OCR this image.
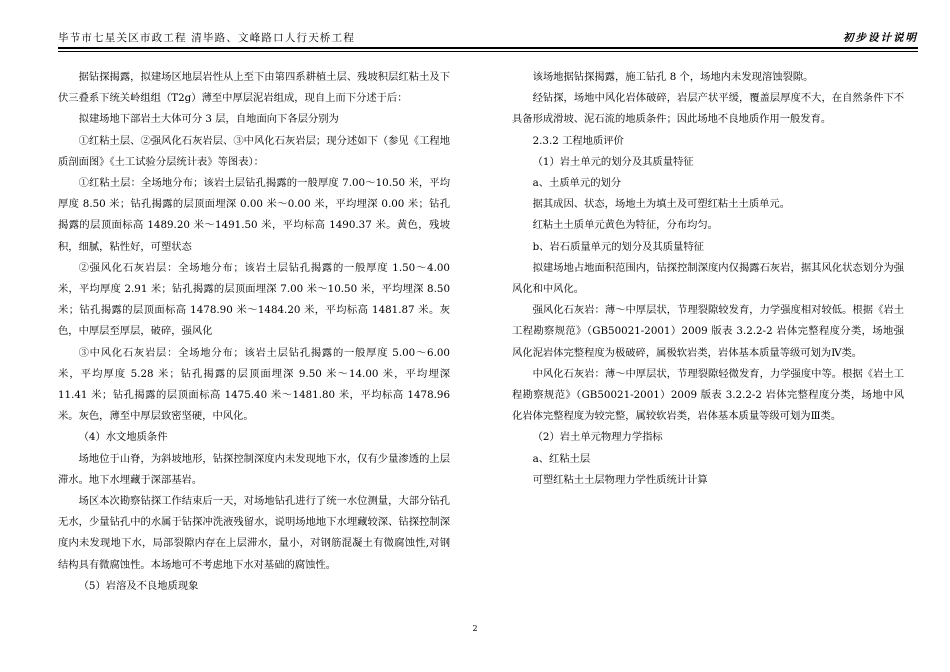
毕节市七星关区市政工程 清毕路、文峰路口人行天桥工程	初步设计说明

据钻探揭露，拟建场区地层岩性从上至下由第四系耕植土层、残坡积层红粘土及下伏三叠系下统关岭组组（T2g）薄至中厚层泥岩组成，现自上而下分述于后：

拟建场地下部岩土大体可分 3 层，自地面向下各层分别为

①红粘土层、②强风化石灰岩层、③中风化石灰岩层；现分述如下（参见《工程地质剖面图》《土工试验分层统计表》等图表）：

①红粘土层：全场地分布；该岩土层钻孔揭露的一般厚度 7.00～10.50 米，平均厚度 8.50 米；钻孔揭露的层顶面埋深 0.00 米～0.00 米，平均埋深 0.00 米；钻孔揭露的层顶面标高 1489.20 米～1491.50 米，平均标高 1490.37 米。黄色，残坡积，细腻，粘性好，可塑状态

②强风化石灰岩层：全场地分布；该岩土层钻孔揭露的一般厚度 1.50～4.00 米，平均厚度 2.91 米；钻孔揭露的层顶面埋深 7.00 米～10.50 米，平均埋深 8.50 米；钻孔揭露的层顶面标高 1478.90 米～1484.20 米，平均标高 1481.87 米。灰色，中厚层至厚层，破碎，强风化

③中风化石灰岩层：全场地分布；该岩土层钻孔揭露的一般厚度 5.00～6.00 米，平均厚度 5.28 米；钻孔揭露的层顶面埋深 9.50 米～14.00 米，平均埋深 11.41 米；钻孔揭露的层顶面标高 1475.40 米～1481.80 米，平均标高 1478.96 米。灰色，薄至中厚层致密坚硬，中风化。

（4）水文地质条件

场地位于山脊，为斜坡地形，钻探控制深度内未发现地下水，仅有少量渗透的上层滞水。地下水埋藏于深部基岩。

场区本次勘察钻探工作结束后一天，对场地钻孔进行了统一水位测量，大部分钻孔无水，少量钻孔中的水属于钻探冲洗液残留水，说明场地地下水埋藏较深、钻探控制深度内未发现地下水，局部裂隙内存在上层滞水，量小，对钢筋混凝土有微腐蚀性,对钢结构具有微腐蚀性。本场地可不考虑地下水对基础的腐蚀性。

（5）岩溶及不良地质现象

该场地据钻探揭露，施工钻孔 8 个，场地内未发现溶蚀裂隙。

经钻探，场地中风化岩体破碎，岩层产状平缓，覆盖层厚度不大，在自然条件下不具备形成滑坡、泥石流的地质条件；因此场地不良地质作用一般发育。

2.3.2 工程地质评价

（1）岩土单元的划分及其质量特征

a、土质单元的划分

据其成因、状态，场地土为填土及可塑红粘土土质单元。

红粘土土质单元黄色为特征，分布均匀。

b、岩石质量单元的划分及其质量特征

拟建场地占地面积范围内，钻探控制深度内仅揭露石灰岩，据其风化状态划分为强风化和中风化。

强风化石灰岩：薄～中厚层状，节理裂隙较发育，力学强度相对较低。根据《岩土工程勘察规范》（GB50021-2001）2009 版表 3.2.2-2 岩体完整程度分类，场地强风化泥岩体完整程度为极破碎，属极软岩类，岩体基本质量等级可划为Ⅳ类。

中风化石灰岩：薄～中厚层状，节理裂隙轻微发育，力学强度中等。根据《岩土工程勘察规范》（GB50021-2001）2009 版表 3.2.2-2 岩体完整程度分类，场地中风化岩体完整程度为较完整，属较软岩类，岩体基本质量等级可划为Ⅲ类。

（2）岩土单元物理力学指标

a、红粘土层

可塑红粘土土层物理力学性质统计计算

2
